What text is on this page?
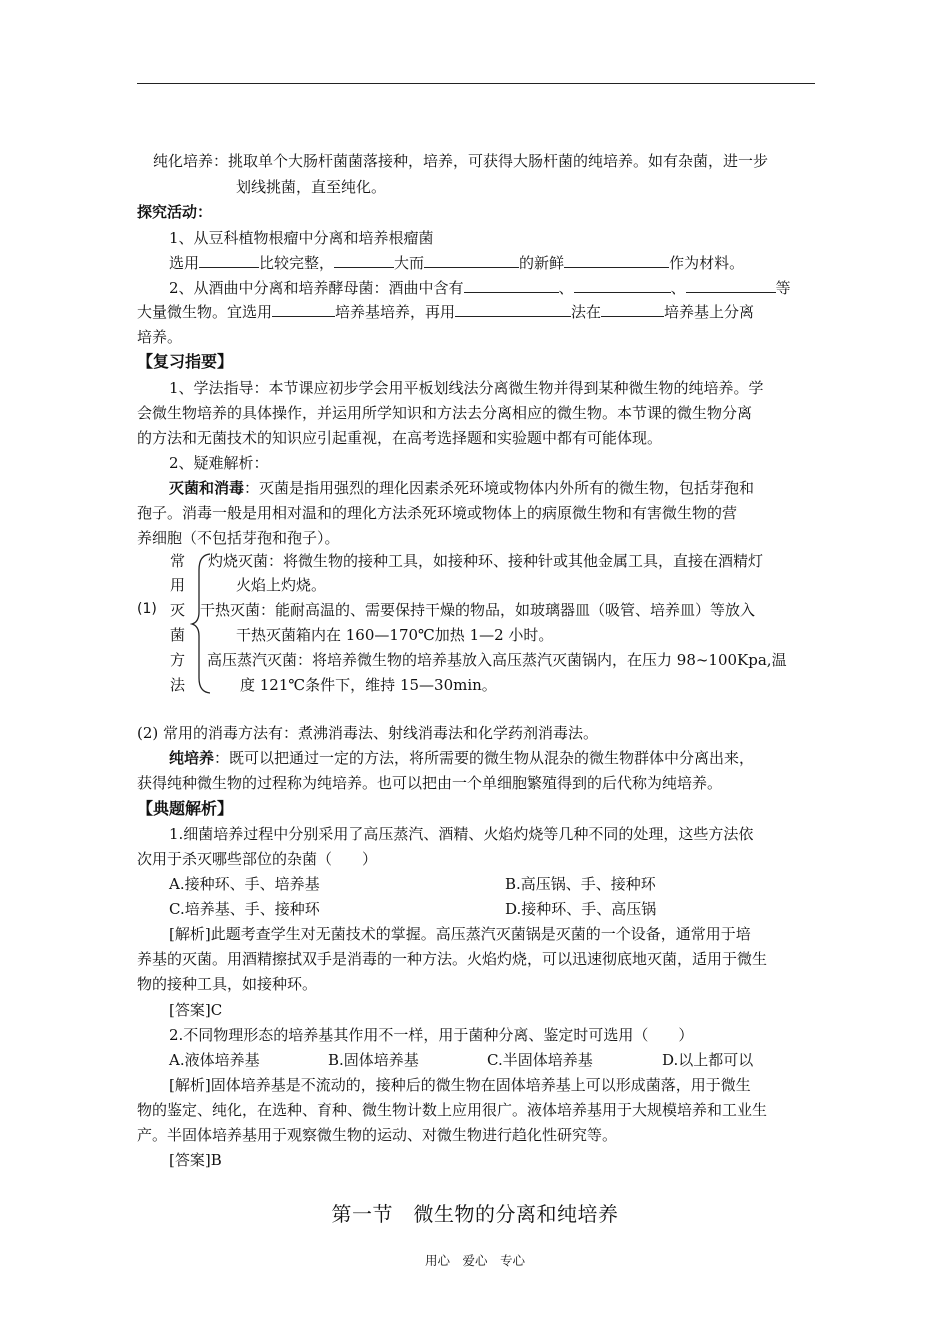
纯化培养：挑取单个大肠杆菌菌落接种，培养，可获得大肠杆菌的纯培养。如有杂菌，进一步
划线挑菌，直至纯化。
探究活动：
1、从豆科植物根瘤中分离和培养根瘤菌
选用	比较完整，	大而	的新鲜	作为材料。
2、从酒曲中分离和培养酵母菌：酒曲中含有	、	、	等
大量微生物。宜选用	培养基培养，再用	法在	培养基上分离
培养。
【复习指要】
1、学法指导：本节课应初步学会用平板划线法分离微生物并得到某种微生物的纯培养。学
会微生物培养的具体操作，并运用所学知识和方法去分离相应的微生物。本节课的微生物分离
的方法和无菌技术的知识应引起重视，在高考选择题和实验题中都有可能体现。
2、疑难解析：
灭菌和消毒：灭菌是指用强烈的理化因素杀死环境或物体内外所有的微生物，包括芽孢和
孢子。消毒一般是用相对温和的理化方法杀死环境或物体上的病原微生物和有害微生物的营
养细胞（不包括芽孢和孢子）。
(1)
常
用
灭
菌
方
法
灼烧灭菌：将微生物的接种工具，如接种环、接种针或其他金属工具，直接在酒精灯
火焰上灼烧。
干热灭菌：能耐高温的、需要保持干燥的物品，如玻璃器皿（吸管、培养皿）等放入
干热灭菌箱内在 160—170℃加热 1—2 小时。
高压蒸汽灭菌：将培养微生物的培养基放入高压蒸汽灭菌锅内，在压力 98~100Kpa,温
度 121℃条件下，维持 15—30min。
(2) 常用的消毒方法有：煮沸消毒法、射线消毒法和化学药剂消毒法。
纯培养：既可以把通过一定的方法，将所需要的微生物从混杂的微生物群体中分离出来，
获得纯种微生物的过程称为纯培养。也可以把由一个单细胞繁殖得到的后代称为纯培养。
【典题解析】
1.细菌培养过程中分别采用了高压蒸汽、酒精、火焰灼烧等几种不同的处理，这些方法依
次用于杀灭哪些部位的杂菌（　　）
A.接种环、手、培养基	B.高压锅、手、接种环
C.培养基、手、接种环	D.接种环、手、高压锅
[解析]此题考查学生对无菌技术的掌握。高压蒸汽灭菌锅是灭菌的一个设备，通常用于培
养基的灭菌。用酒精擦拭双手是消毒的一种方法。火焰灼烧，可以迅速彻底地灭菌，适用于微生
物的接种工具，如接种环。
[答案]C
2.不同物理形态的培养基其作用不一样，用于菌种分离、鉴定时可选用（　　）
A.液体培养基	B.固体培养基	C.半固体培养基	D.以上都可以
[解析]固体培养基是不流动的，接种后的微生物在固体培养基上可以形成菌落，用于微生
物的鉴定、纯化，在选种、育种、微生物计数上应用很广。液体培养基用于大规模培养和工业生
产。半固体培养基用于观察微生物的运动、对微生物进行趋化性研究等。
[答案]B
第一节　微生物的分离和纯培养
用心　爱心　专心
